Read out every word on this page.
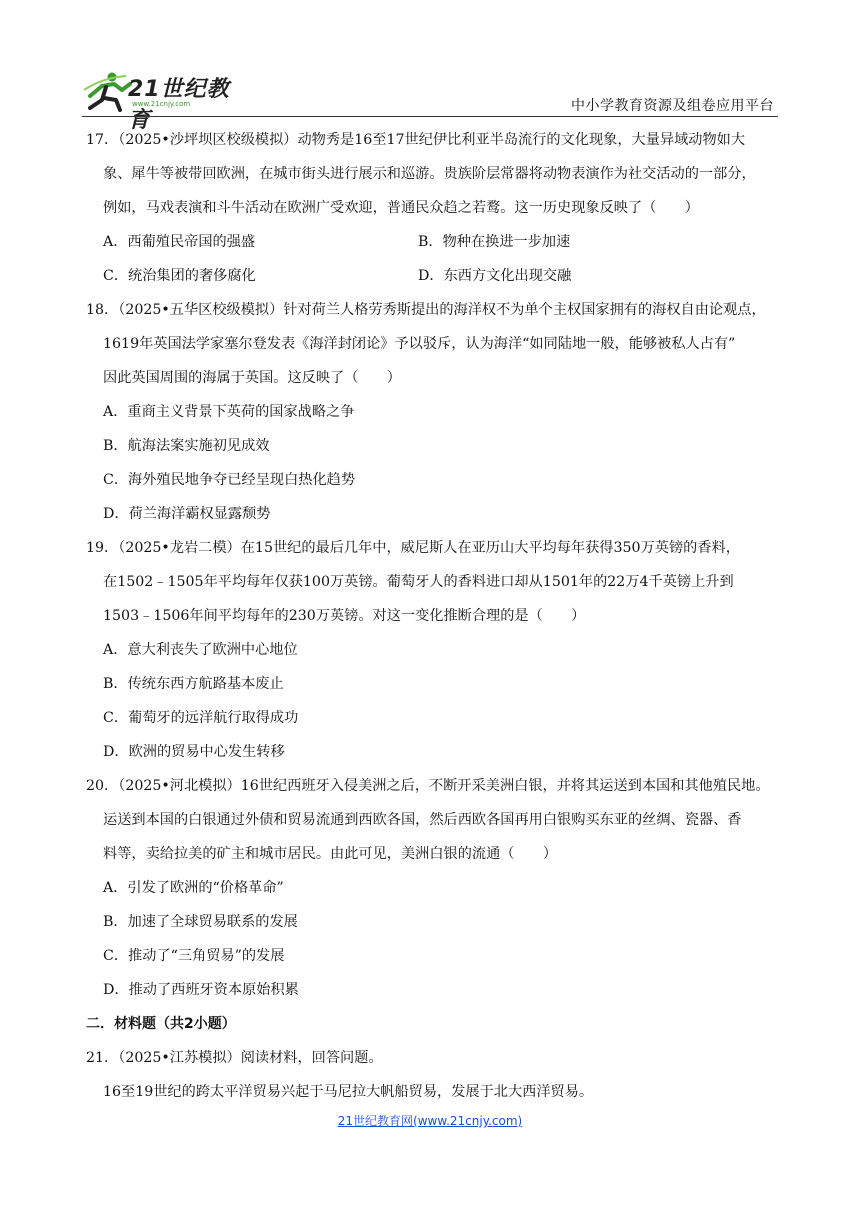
21世纪教育
www.21cnjy.com	中小学教育资源及组卷应用平台

17．（2025•沙坪坝区校级模拟）动物秀是16至17世纪伊比利亚半岛流行的文化现象，大量异域动物如大

象、犀牛等被带回欧洲，在城市街头进行展示和巡游。贵族阶层常器将动物表演作为社交活动的一部分，

例如，马戏表演和斗牛活动在欧洲广受欢迎，普通民众趋之若鹜。这一历史现象反映了（　　）

A．西葡殖民帝国的强盛	B．物种在换进一步加速
C．统治集团的奢侈腐化	D．东西方文化出现交融

18．（2025•五华区校级模拟）针对荷兰人格劳秀斯提出的海洋权不为单个主权国家拥有的海权自由论观点，

1619年英国法学家塞尔登发表《海洋封闭论》予以驳斥，认为海洋“如同陆地一般，能够被私人占有”

因此英国周围的海属于英国。这反映了（　　）

A．重商主义背景下英荷的国家战略之争

B．航海法案实施初见成效

C．海外殖民地争夺已经呈现白热化趋势

D．荷兰海洋霸权显露颓势

19．（2025•龙岩二模）在15世纪的最后几年中，威尼斯人在亚历山大平均每年获得350万英镑的香料，

在1502﹣1505年平均每年仅获100万英镑。葡萄牙人的香料进口却从1501年的22万4千英镑上升到

1503﹣1506年间平均每年的230万英镑。对这一变化推断合理的是（　　）

A．意大利丧失了欧洲中心地位

B．传统东西方航路基本废止

C．葡萄牙的远洋航行取得成功

D．欧洲的贸易中心发生转移

20．（2025•河北模拟）16世纪西班牙入侵美洲之后，不断开采美洲白银，并将其运送到本国和其他殖民地。

运送到本国的白银通过外债和贸易流通到西欧各国，然后西欧各国再用白银购买东亚的丝绸、瓷器、香

料等，卖给拉美的矿主和城市居民。由此可见，美洲白银的流通（　　）

A．引发了欧洲的“价格革命”

B．加速了全球贸易联系的发展

C．推动了“三角贸易”的发展

D．推动了西班牙资本原始积累

二．材料题（共2小题）

21．（2025•江苏模拟）阅读材料，回答问题。

16至19世纪的跨太平洋贸易兴起于马尼拉大帆船贸易，发展于北大西洋贸易。

21世纪教育网(www.21cnjy.com)
